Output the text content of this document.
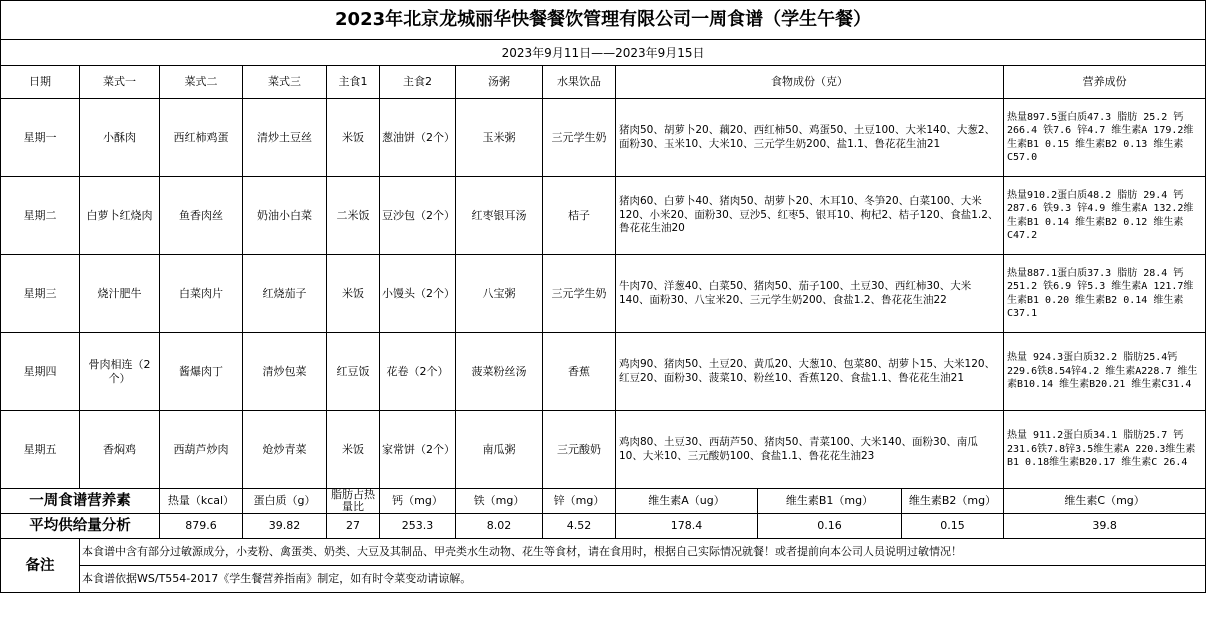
2023年北京龙城丽华快餐餐饮管理有限公司一周食谱（学生午餐）											
2023年9月11日——2023年9月15日											
日期	菜式一	菜式二	菜式三	主食1	主食2	汤粥	水果饮品	食物成份（克）			营养成份
星期一	小酥肉	西红柿鸡蛋	清炒土豆丝	米饭	葱油饼（2个）	玉米粥	三元学生奶	猪肉50、胡萝卜20、藕20、西红柿50、鸡蛋50、土豆100、大米140、大葱2、面粉30、玉米10、大米10、三元学生奶200、盐1.1、鲁花花生油21			热量897.5蛋白质47.3 脂肪 25.2 钙266.4 铁7.6 锌4.7 维生素A 179.2维生素B1 0.15 维生素B2 0.13 维生素C57.0
星期二	白萝卜红烧肉	鱼香肉丝	奶油小白菜	二米饭	豆沙包（2个）	红枣银耳汤	桔子	猪肉60、白萝卜40、猪肉50、胡萝卜20、木耳10、冬笋20、白菜100、大米120、小米20、面粉30、豆沙5、红枣5、银耳10、枸杞2、桔子120、食盐1.2、鲁花花生油20			热量910.2蛋白质48.2 脂肪 29.4 钙287.6 铁9.3 锌4.9 维生素A 132.2维生素B1 0.14 维生素B2 0.12 维生素C47.2
星期三	烧汁肥牛	白菜肉片	红烧茄子	米饭	小馒头（2个）	八宝粥	三元学生奶	牛肉70、洋葱40、白菜50、猪肉50、茄子100、土豆30、西红柿30、大米140、面粉30、八宝米20、三元学生奶200、食盐1.2、鲁花花生油22			热量887.1蛋白质37.3 脂肪 28.4 钙251.2 铁6.9 锌5.3 维生素A 121.7维生素B1 0.20 维生素B2 0.14 维生素C37.1
星期四	骨肉相连（2个）	酱爆肉丁	清炒包菜	红豆饭	花卷（2个）	菠菜粉丝汤	香蕉	鸡肉90、猪肉50、土豆20、黄瓜20、大葱10、包菜80、胡萝卜15、大米120、红豆20、面粉30、菠菜10、粉丝10、香蕉120、食盐1.1、鲁花花生油21			热量 924.3蛋白质32.2 脂肪25.4钙229.6铁8.54锌4.2 维生素A228.7 维生素B10.14 维生素B20.21 维生素C31.4
星期五	香焖鸡	西葫芦炒肉	炝炒青菜	米饭	家常饼（2个）	南瓜粥	三元酸奶	鸡肉80、土豆30、西葫芦50、猪肉50、青菜100、大米140、面粉30、南瓜10、大米10、三元酸奶100、食盐1.1、鲁花花生油23			热量 911.2蛋白质34.1 脂肪25.7 钙231.6铁7.8锌3.5维生素A 220.3维生素B1 0.18维生素B20.17 维生素C 26.4
一周食谱营养素		热量（kcal）	蛋白质（g）	脂肪占热量比	钙（mg）	铁（mg）	锌（mg）	维生素A（ug）	维生素B1（mg）	维生素B2（mg）	维生素C（mg）
平均供给量分析		879.6	39.82	27	253.3	8.02	4.52	178.4	0.16	0.15	39.8
备注	本食谱中含有部分过敏源成分，小麦粉、禽蛋类、奶类、大豆及其制品、甲壳类水生动物、花生等食材，请在食用时，根据自己实际情况就餐！或者提前向本公司人员说明过敏情况！										
	本食谱依据WS/T554-2017《学生餐营养指南》制定，如有时令菜变动请谅解。										
